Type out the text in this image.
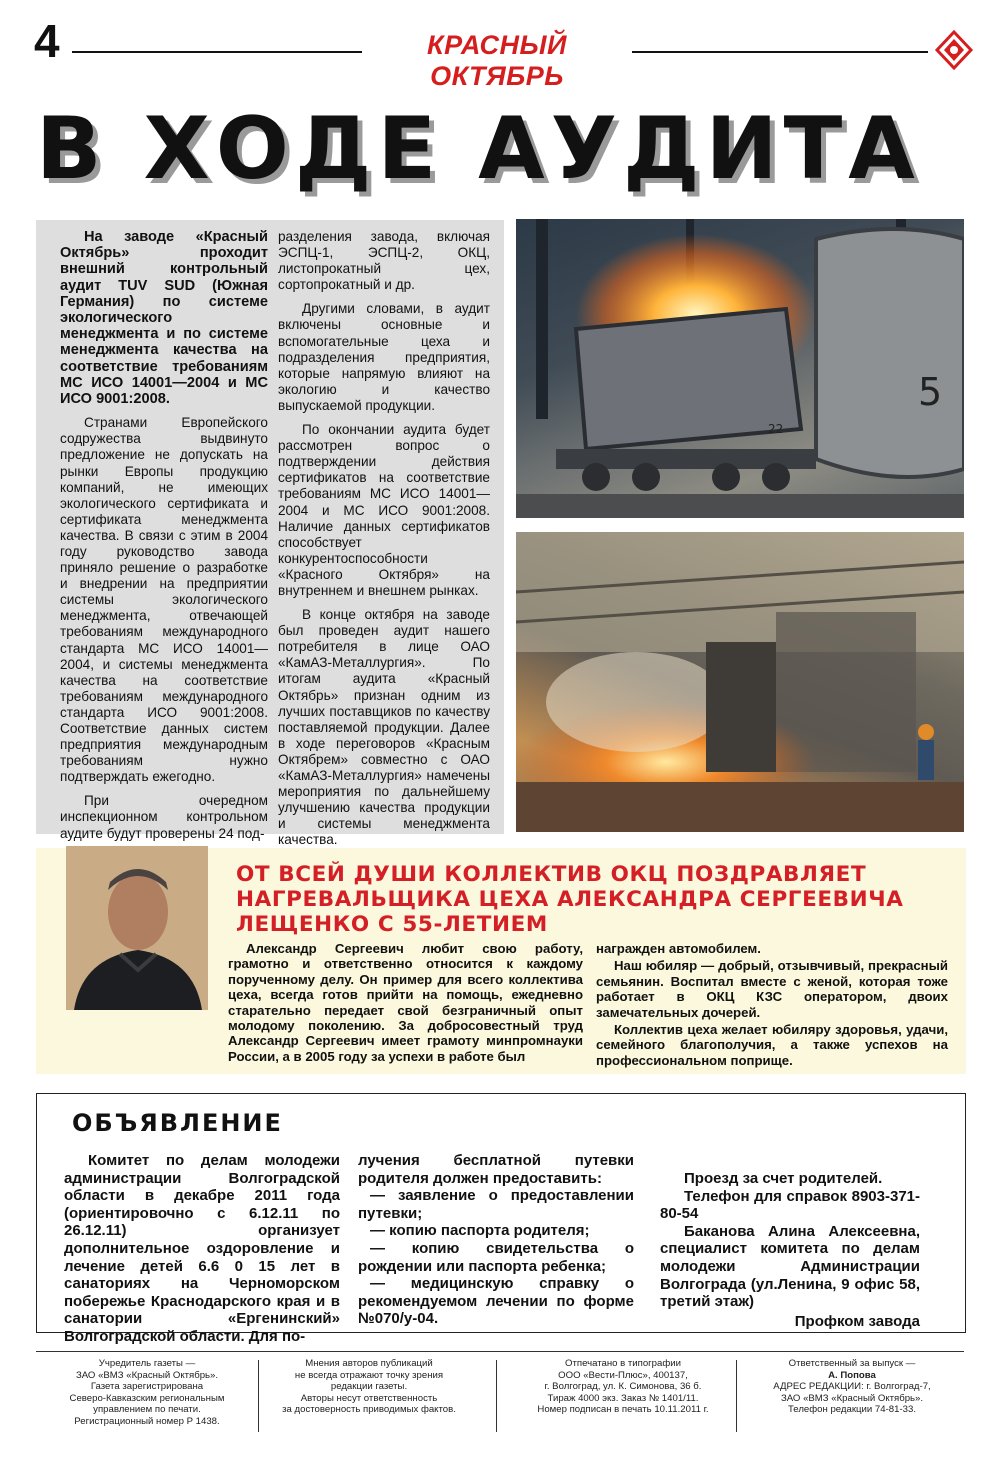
4	КРАСНЫЙ ОКТЯБРЬ
В ХОДЕ АУДИТА

На заводе «Красный Октябрь» проходит внешний контрольный аудит TUV SUD (Южная Германия) по системе экологического менеджмента и по системе менеджмента качества на соответствие требованиям МС ИСО 14001—2004 и МС ИСО 9001:2008.

Странами Европейского содружества выдвинуто предложение не допускать на рынки Европы продукцию компаний, не имеющих экологического сертификата и сертификата менеджмента качества. В связи с этим в 2004 году руководство завода приняло решение о разработке и внедрении на предприятии системы экологического менеджмента, отвечающей требованиям международного стандарта МС ИСО 14001—2004, и системы менеджмента качества на соответствие требованиям международного стандарта ИСО 9001:2008. Соответствие данных систем предприятия международным требованиям нужно подтверждать ежегодно.

При очередном инспекционном контрольном аудите будут проверены 24 под-

разделения завода, включая ЭСПЦ-1, ЭСПЦ-2, ОКЦ, листопрокатный цех, сортопрокатный и др.

Другими словами, в аудит включены основные и вспомогательные цеха и подразделения предприятия, которые напрямую влияют на экологию и качество выпускаемой продукции.

По окончании аудита будет рассмотрен вопрос о подтверждении действия сертификатов на соответствие требованиям МС ИСО 14001—2004 и МС ИСО 9001:2008. Наличие данных сертификатов способствует конкурентоспособности «Красного Октября» на внутреннем и внешнем рынках.

В конце октября на заводе был проведен аудит нашего потребителя в лице ОАО «КамАЗ-Металлургия». По итогам аудита «Красный Октябрь» признан одним из лучших поставщиков по качеству поставляемой продукции. Далее в ходе переговоров «Красным Октябрем» совместно с ОАО «КамАЗ-Металлургия» намечены мероприятия по дальнейшему улучшению качества продукции и системы менеджмента качества.

5
22
ОТ ВСЕЙ ДУШИ КОЛЛЕКТИВ ОКЦ ПОЗДРАВЛЯЕТ НАГРЕВАЛЬЩИКА ЦЕХА АЛЕКСАНДРА СЕРГЕЕВИЧА ЛЕЩЕНКО С 55-ЛЕТИЕМ

Александр Сергеевич любит свою работу, грамотно и ответственно относится к каждому порученному делу. Он пример для всего коллектива цеха, всегда готов прийти на помощь, ежедневно старательно передает свой безграничный опыт молодому поколению. За добросовестный труд Александр Сергеевич имеет грамоту минпромнауки России, а в 2005 году за успехи в работе был

награжден автомобилем.

Наш юбиляр — добрый, отзывчивый, прекрасный семьянин. Воспитал вместе с женой, которая тоже работает в ОКЦ КЗС оператором, двоих замечательных дочерей.

Коллектив цеха желает юбиляру здоровья, удачи, семейного благополучия, а также успехов на профессиональном поприще.

ОБЪЯВЛЕНИЕ

Комитет по делам молодежи администрации Волгоградской области в декабре 2011 года (ориентировочно с 6.12.11 по 26.12.11) организует дополнительное оздоровление и лечение детей 6.6 0 15 лет в санаториях на Черноморском побережье Краснодарского края и в санатории «Ергенинский» Волгоградской области. Для по-

лучения бесплатной путевки родителя должен предоставить:

— заявление о предоставлении путевки;

— копию паспорта родителя;

— копию свидетельства о рождении или паспорта ребенка;

— медицинскую справку о рекомендуемом лечении по форме №070/у-04.

Проезд за счет родителей.

Телефон для справок 8903-371-80-54

Баканова Алина Алексеевна, специалист комитета по делам молодежи Администрации Волгограда (ул.Ленина, 9 офис 58, третий этаж)

Профком завода

Учредитель газеты —
ЗАО «ВМЗ «Красный Октябрь».
Газета зарегистрирована
Северо-Кавказским региональным
управлением по печати.
Регистрационный номер Р 1438.
Мнения авторов публикаций
не всегда отражают точку зрения
редакции газеты.
Авторы несут ответственность
за достоверность приводимых фактов.
Отпечатано в типографии
ООО «Вести-Плюс», 400137,
г. Волгоград, ул. К. Симонова, 36 б.
Тираж 4000 экз. Заказ № 1401/11.
Номер подписан в печать 10.11.2011 г.
Ответственный за выпуск —
А. Попова
АДРЕС РЕДАКЦИИ: г. Волгоград-7,
ЗАО «ВМЗ «Красный Октябрь».
Телефон редакции 74-81-33.
